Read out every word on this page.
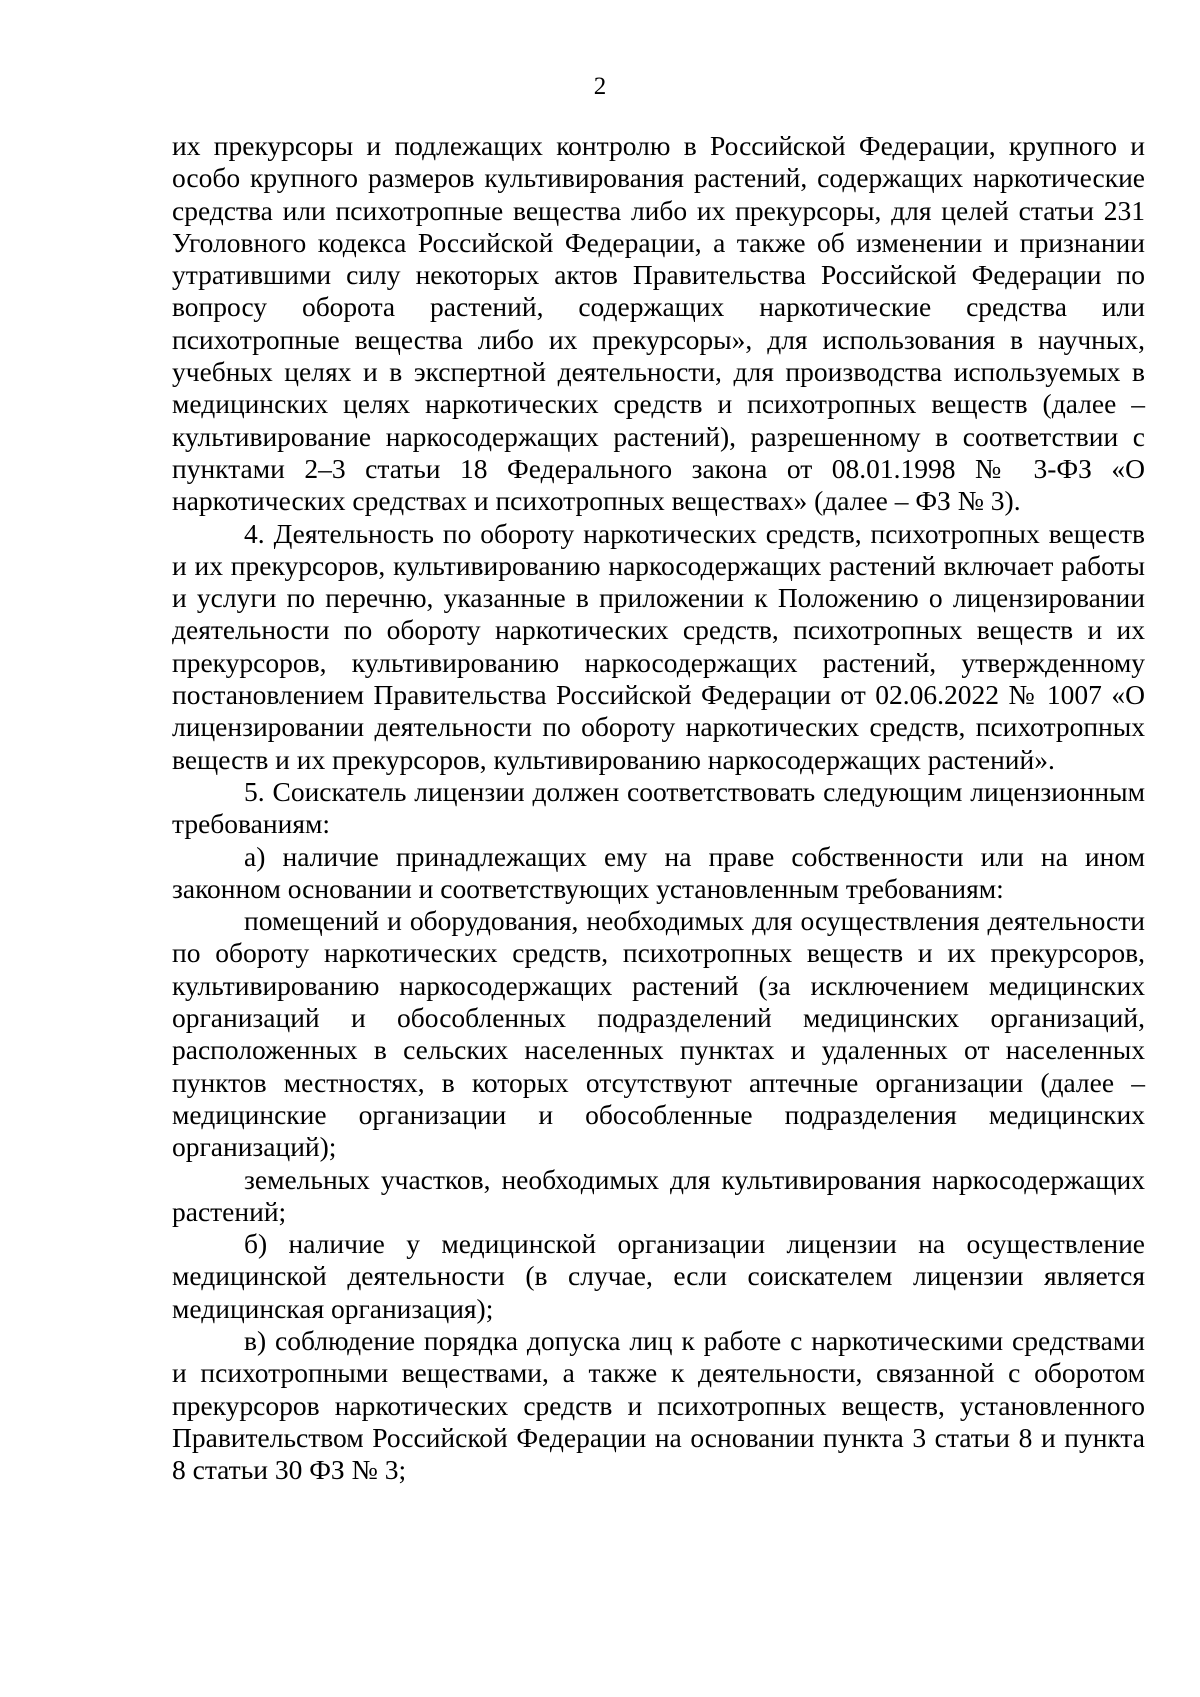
2

их прекурсоры и подлежащих контролю в Российской Федерации, крупного и особо крупного размеров культивирования растений, содержащих наркотические средства или психотропные вещества либо их прекурсоры, для целей статьи 231 Уголовного кодекса Российской Федерации, а также об изменении и признании утратившими силу некоторых актов Правительства Российской Федерации по вопросу оборота растений, содержащих наркотические средства или психотропные вещества либо их прекурсоры», для использования в научных, учебных целях и в экспертной деятельности, для производства используемых в медицинских целях наркотических средств и психотропных веществ (далее – культивирование наркосодержащих растений), разрешенному в соответствии с пунктами 2–3 статьи 18 Федерального закона от 08.01.1998 № 3-ФЗ «О наркотических средствах и психотропных веществах» (далее – ФЗ № 3).

4. Деятельность по обороту наркотических средств, психотропных веществ и их прекурсоров, культивированию наркосодержащих растений включает работы и услуги по перечню, указанные в приложении к Положению о лицензировании деятельности по обороту наркотических средств, психотропных веществ и их прекурсоров, культивированию наркосодержащих растений, утвержденному постановлением Правительства Российской Федерации от 02.06.2022 № 1007 «О лицензировании деятельности по обороту наркотических средств, психотропных веществ и их прекурсоров, культивированию наркосодержащих растений».

5. Соискатель лицензии должен соответствовать следующим лицензионным требованиям:

а) наличие принадлежащих ему на праве собственности или на ином законном основании и соответствующих установленным требованиям:

помещений и оборудования, необходимых для осуществления деятельности по обороту наркотических средств, психотропных веществ и их прекурсоров, культивированию наркосодержащих растений (за исключением медицинских организаций и обособленных подразделений медицинских организаций, расположенных в сельских населенных пунктах и удаленных от населенных пунктов местностях, в которых отсутствуют аптечные организации (далее – медицинские организации и обособленные подразделения медицинских организаций);

земельных участков, необходимых для культивирования наркосодержащих растений;

б) наличие у медицинской организации лицензии на осуществление медицинской деятельности (в случае, если соискателем лицензии является медицинская организация);

в) соблюдение порядка допуска лиц к работе с наркотическими средствами и психотропными веществами, а также к деятельности, связанной с оборотом прекурсоров наркотических средств и психотропных веществ, установленного Правительством Российской Федерации на основании пункта 3 статьи 8 и пункта 8 статьи 30 ФЗ № 3;
